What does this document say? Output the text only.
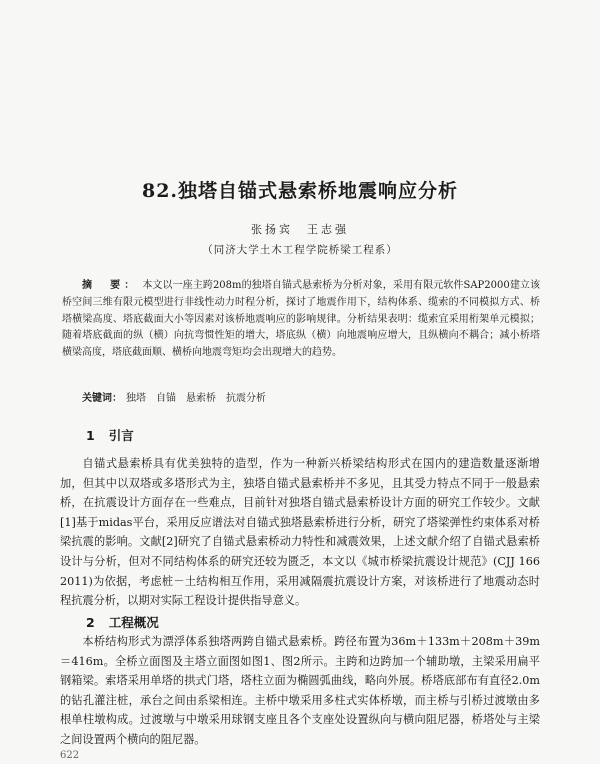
82.独塔自锚式悬索桥地震响应分析
张扬宾　王志强
（同济大学土木工程学院桥梁工程系）
摘　要： 本文以一座主跨208m的独塔自锚式悬索桥为分析对象，采用有限元软件SAP2000建立该桥空间三维有限元模型进行非线性动力时程分析，探讨了地震作用下，结构体系、缆索的不同模拟方式、桥塔横梁高度、塔底截面大小等因素对该桥地震响应的影响规律。分析结果表明：缆索宜采用桁架单元模拟；随着塔底截面的纵（横）向抗弯惯性矩的增大，塔底纵（横）向地震响应增大，且纵横向不耦合；减小桥塔横梁高度，塔底截面顺、横桥向地震弯矩均会出现增大的趋势。
关键词： 独塔　自锚　悬索桥　抗震分析
1 引言
自锚式悬索桥具有优美独特的造型，作为一种新兴桥梁结构形式在国内的建造数量逐渐增加，但其中以双塔或多塔形式为主，独塔自锚式悬索桥并不多见，且其受力特点不同于一般悬索桥，在抗震设计方面存在一些难点，目前针对独塔自锚式悬索桥设计方面的研究工作较少。文献[1]基于midas平台，采用反应谱法对自锚式独塔悬索桥进行分析，研究了塔梁弹性约束体系对桥梁抗震的影响。文献[2]研究了自锚式悬索桥动力特性和减震效果，上述文献介绍了自锚式悬索桥设计与分析，但对不同结构体系的研究还较为匮乏，本文以《城市桥梁抗震设计规范》(CJJ 166　2011)为依据，考虑桩－土结构相互作用，采用减隔震抗震设计方案，对该桥进行了地震动态时程抗震分析，以期对实际工程设计提供指导意义。
2 工程概况
本桥结构形式为漂浮体系独塔两跨自锚式悬索桥。跨径布置为36m＋133m＋208m＋39m＝416m。全桥立面图及主塔立面图如图1、图2所示。主跨和边跨加一个辅助墩，主梁采用扁平钢箱梁。索塔采用单塔的拱式门塔，塔柱立面为椭圆弧曲线，略向外展。桥塔底部布有直径2.0m的钻孔灌注桩，承台之间由系梁相连。主桥中墩采用多柱式实体桥墩，而主桥与引桥过渡墩由多根单柱墩构成。过渡墩与中墩采用球钢支座且各个支座处设置纵向与横向阻尼器，桥塔处与主梁之间设置两个横向的阻尼器。
622
